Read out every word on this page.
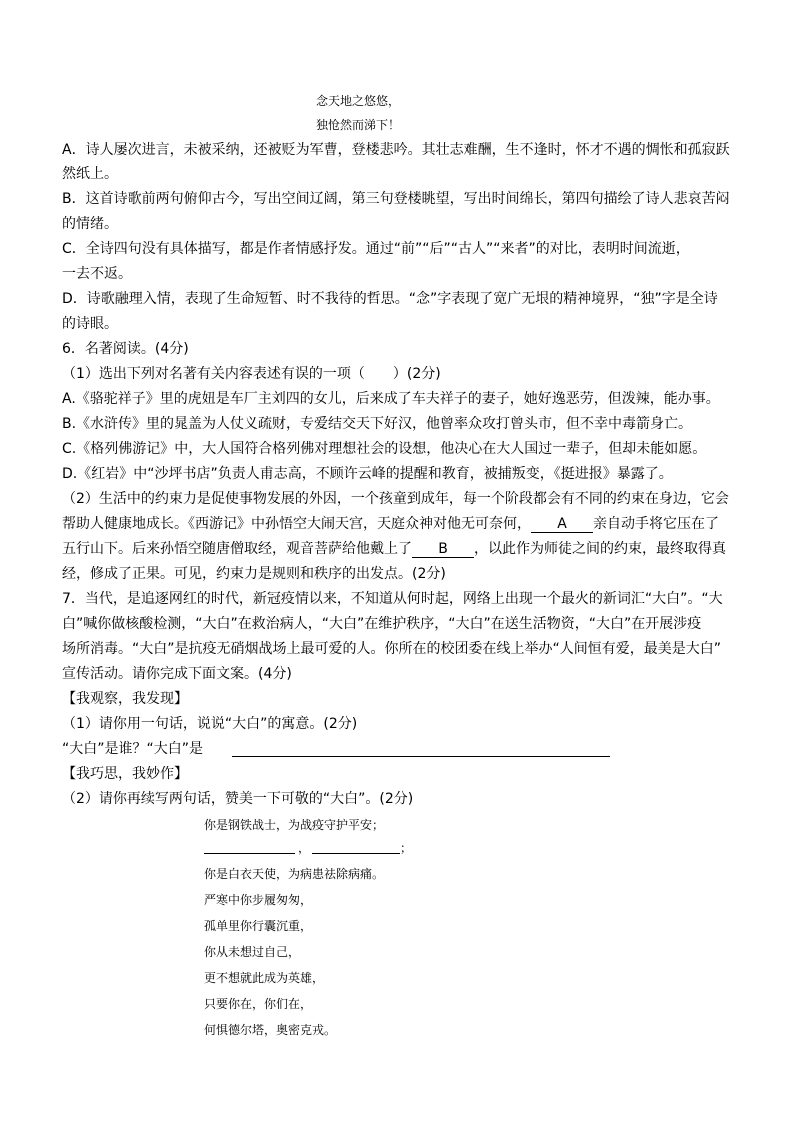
念天地之悠悠，
独怆然而涕下！
A．诗人屡次进言，未被采纳，还被贬为军曹，登楼悲吟。其壮志难酬，生不逢时，怀才不遇的惆怅和孤寂跃
然纸上。
B．这首诗歌前两句俯仰古今，写出空间辽阔，第三句登楼眺望，写出时间绵长，第四句描绘了诗人悲哀苦闷
的情绪。
C．全诗四句没有具体描写，都是作者情感抒发。通过“前”“后”“古人”“来者”的对比，表明时间流逝，
一去不返。
D．诗歌融理入情，表现了生命短暂、时不我待的哲思。“念”字表现了宽广无垠的精神境界，“独”字是全诗
的诗眼。
6．名著阅读。(4分)
（1）选出下列对名著有关内容表述有误的一项（　　）(2分)
A.《骆驼祥子》里的虎妞是车厂主刘四的女儿，后来成了车夫祥子的妻子，她好逸恶劳，但泼辣，能办事。
B.《水浒传》里的晁盖为人仗义疏财，专爱结交天下好汉，他曾率众攻打曾头市，但不幸中毒箭身亡。
C.《格列佛游记》中，大人国符合格列佛对理想社会的设想，他决心在大人国过一辈子，但却未能如愿。
D.《红岩》中“沙坪书店”负责人甫志高，不顾许云峰的提醒和教育，被捕叛变，《挺进报》暴露了。
（2）生活中的约束力是促使事物发展的外因，一个孩童到成年，每一个阶段都会有不同的约束在身边，它会
帮助人健康地成长。《西游记》中孙悟空大闹天宫，天庭众神对他无可奈何， A 亲自动手将它压在了
五行山下。后来孙悟空随唐僧取经，观音菩萨给他戴上了 B ，以此作为师徒之间的约束，最终取得真
经，修成了正果。可见，约束力是规则和秩序的出发点。(2分)
7．当代，是追逐网红的时代，新冠疫情以来，不知道从何时起，网络上出现一个最火的新词汇“大白”。“大
白”喊你做核酸检测，“大白”在救治病人，“大白”在维护秩序，“大白”在送生活物资，“大白”在开展涉疫
场所消毒。“大白”是抗疫无硝烟战场上最可爱的人。你所在的校团委在线上举办“人间恒有爱，最美是大白”
宣传活动。请你完成下面文案。(4分)
【我观察，我发现】
（1）请你用一句话，说说“大白”的寓意。(2分)
“大白”是谁？“大白”是
【我巧思，我妙作】
（2）请你再续写两句话，赞美一下可敬的“大白”。(2分)
你是钢铁战士，为战疫守护平安；
，	；
你是白衣天使，为病患祛除病痛。
严寒中你步履匆匆，
孤单里你行囊沉重，
你从未想过自己，
更不想就此成为英雄，
只要你在，你们在，
何惧德尔塔，奥密克戎。
